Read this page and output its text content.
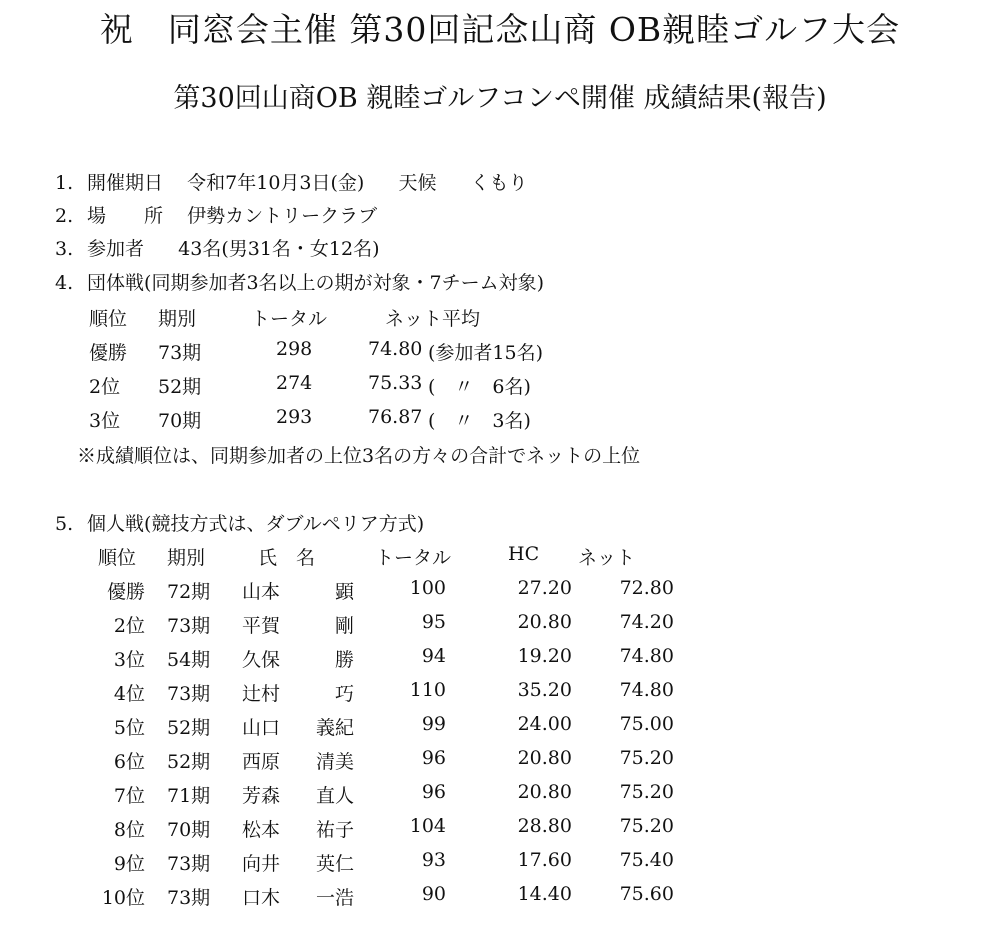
祝　同窓会主催 第30回記念山商 OB親睦ゴルフ大会
第30回山商OB 親睦ゴルフコンペ開催 成績結果(報告)
1. 開催期日 令和7年10月3日(金) 天候 くもり
2. 場　　所 伊勢カントリークラブ
3. 参加者 43名(男31名・女12名)
4. 団体戦(同期参加者3名以上の期が対象・7チーム対象)
順位 期別	トータル	ネット平均
優勝 73期	298	74.80 (参加者15名)
2位 52期	274	75.33 (　〃　6名)
3位 70期	293	76.87 (　〃　3名)
※成績順位は、同期参加者の上位3名の方々の合計でネットの上位
5. 個人戦(競技方式は、ダブルペリア方式)
順位 期別	氏　名	トータル	HC ネット
優勝 72期 山本	顕	100	27.20	72.80
2位 73期 平賀	剛	95	20.80	74.20
3位 54期 久保	勝	94	19.20	74.80
4位 73期 辻村	巧	110	35.20	74.80
5位 52期 山口	義紀	99	24.00	75.00
6位 52期 西原	清美	96	20.80	75.20
7位 71期 芳森	直人	96	20.80	75.20
8位 70期 松本	祐子	104	28.80	75.20
9位 73期 向井	英仁	93	17.60	75.40
10位 73期 口木	一浩	90	14.40	75.60
